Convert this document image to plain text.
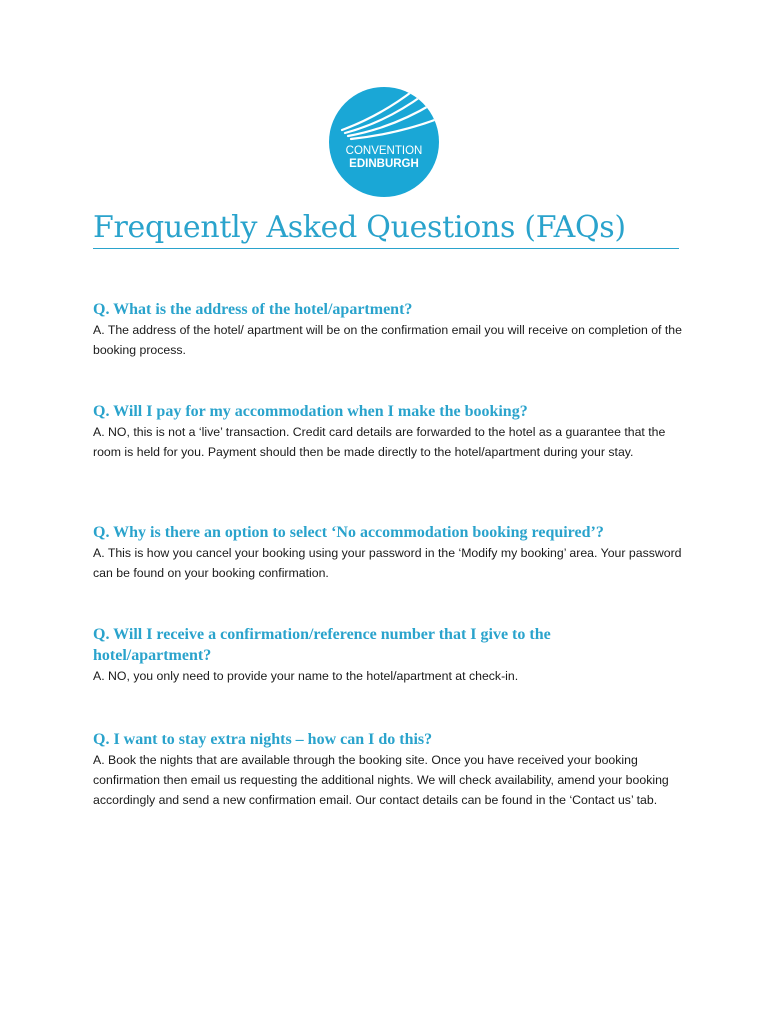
CONVENTION
EDINBURGH
Frequently Asked Questions (FAQs)

Q. What is the address of the hotel/apartment?

A. The address of the hotel/ apartment will be on the confirmation email you will receive on completion of the booking process.

Q. Will I pay for my accommodation when I make the booking?

A. NO, this is not a ‘live’ transaction. Credit card details are forwarded to the hotel as a guarantee that the room is held for you. Payment should then be made directly to the hotel/apartment during your stay.

Q. Why is there an option to select ‘No accommodation booking required’?

A. This is how you cancel your booking using your password in the ‘Modify my booking’ area. Your password can be found on your booking confirmation.

Q. Will I receive a confirmation/reference number that I give to the hotel/apartment?

A. NO, you only need to provide your name to the hotel/apartment at check-in.

Q. I want to stay extra nights – how can I do this?

A. Book the nights that are available through the booking site. Once you have received your booking confirmation then email us requesting the additional nights. We will check availability, amend your booking accordingly and send a new confirmation email. Our contact details can be found in the ‘Contact us’ tab.
